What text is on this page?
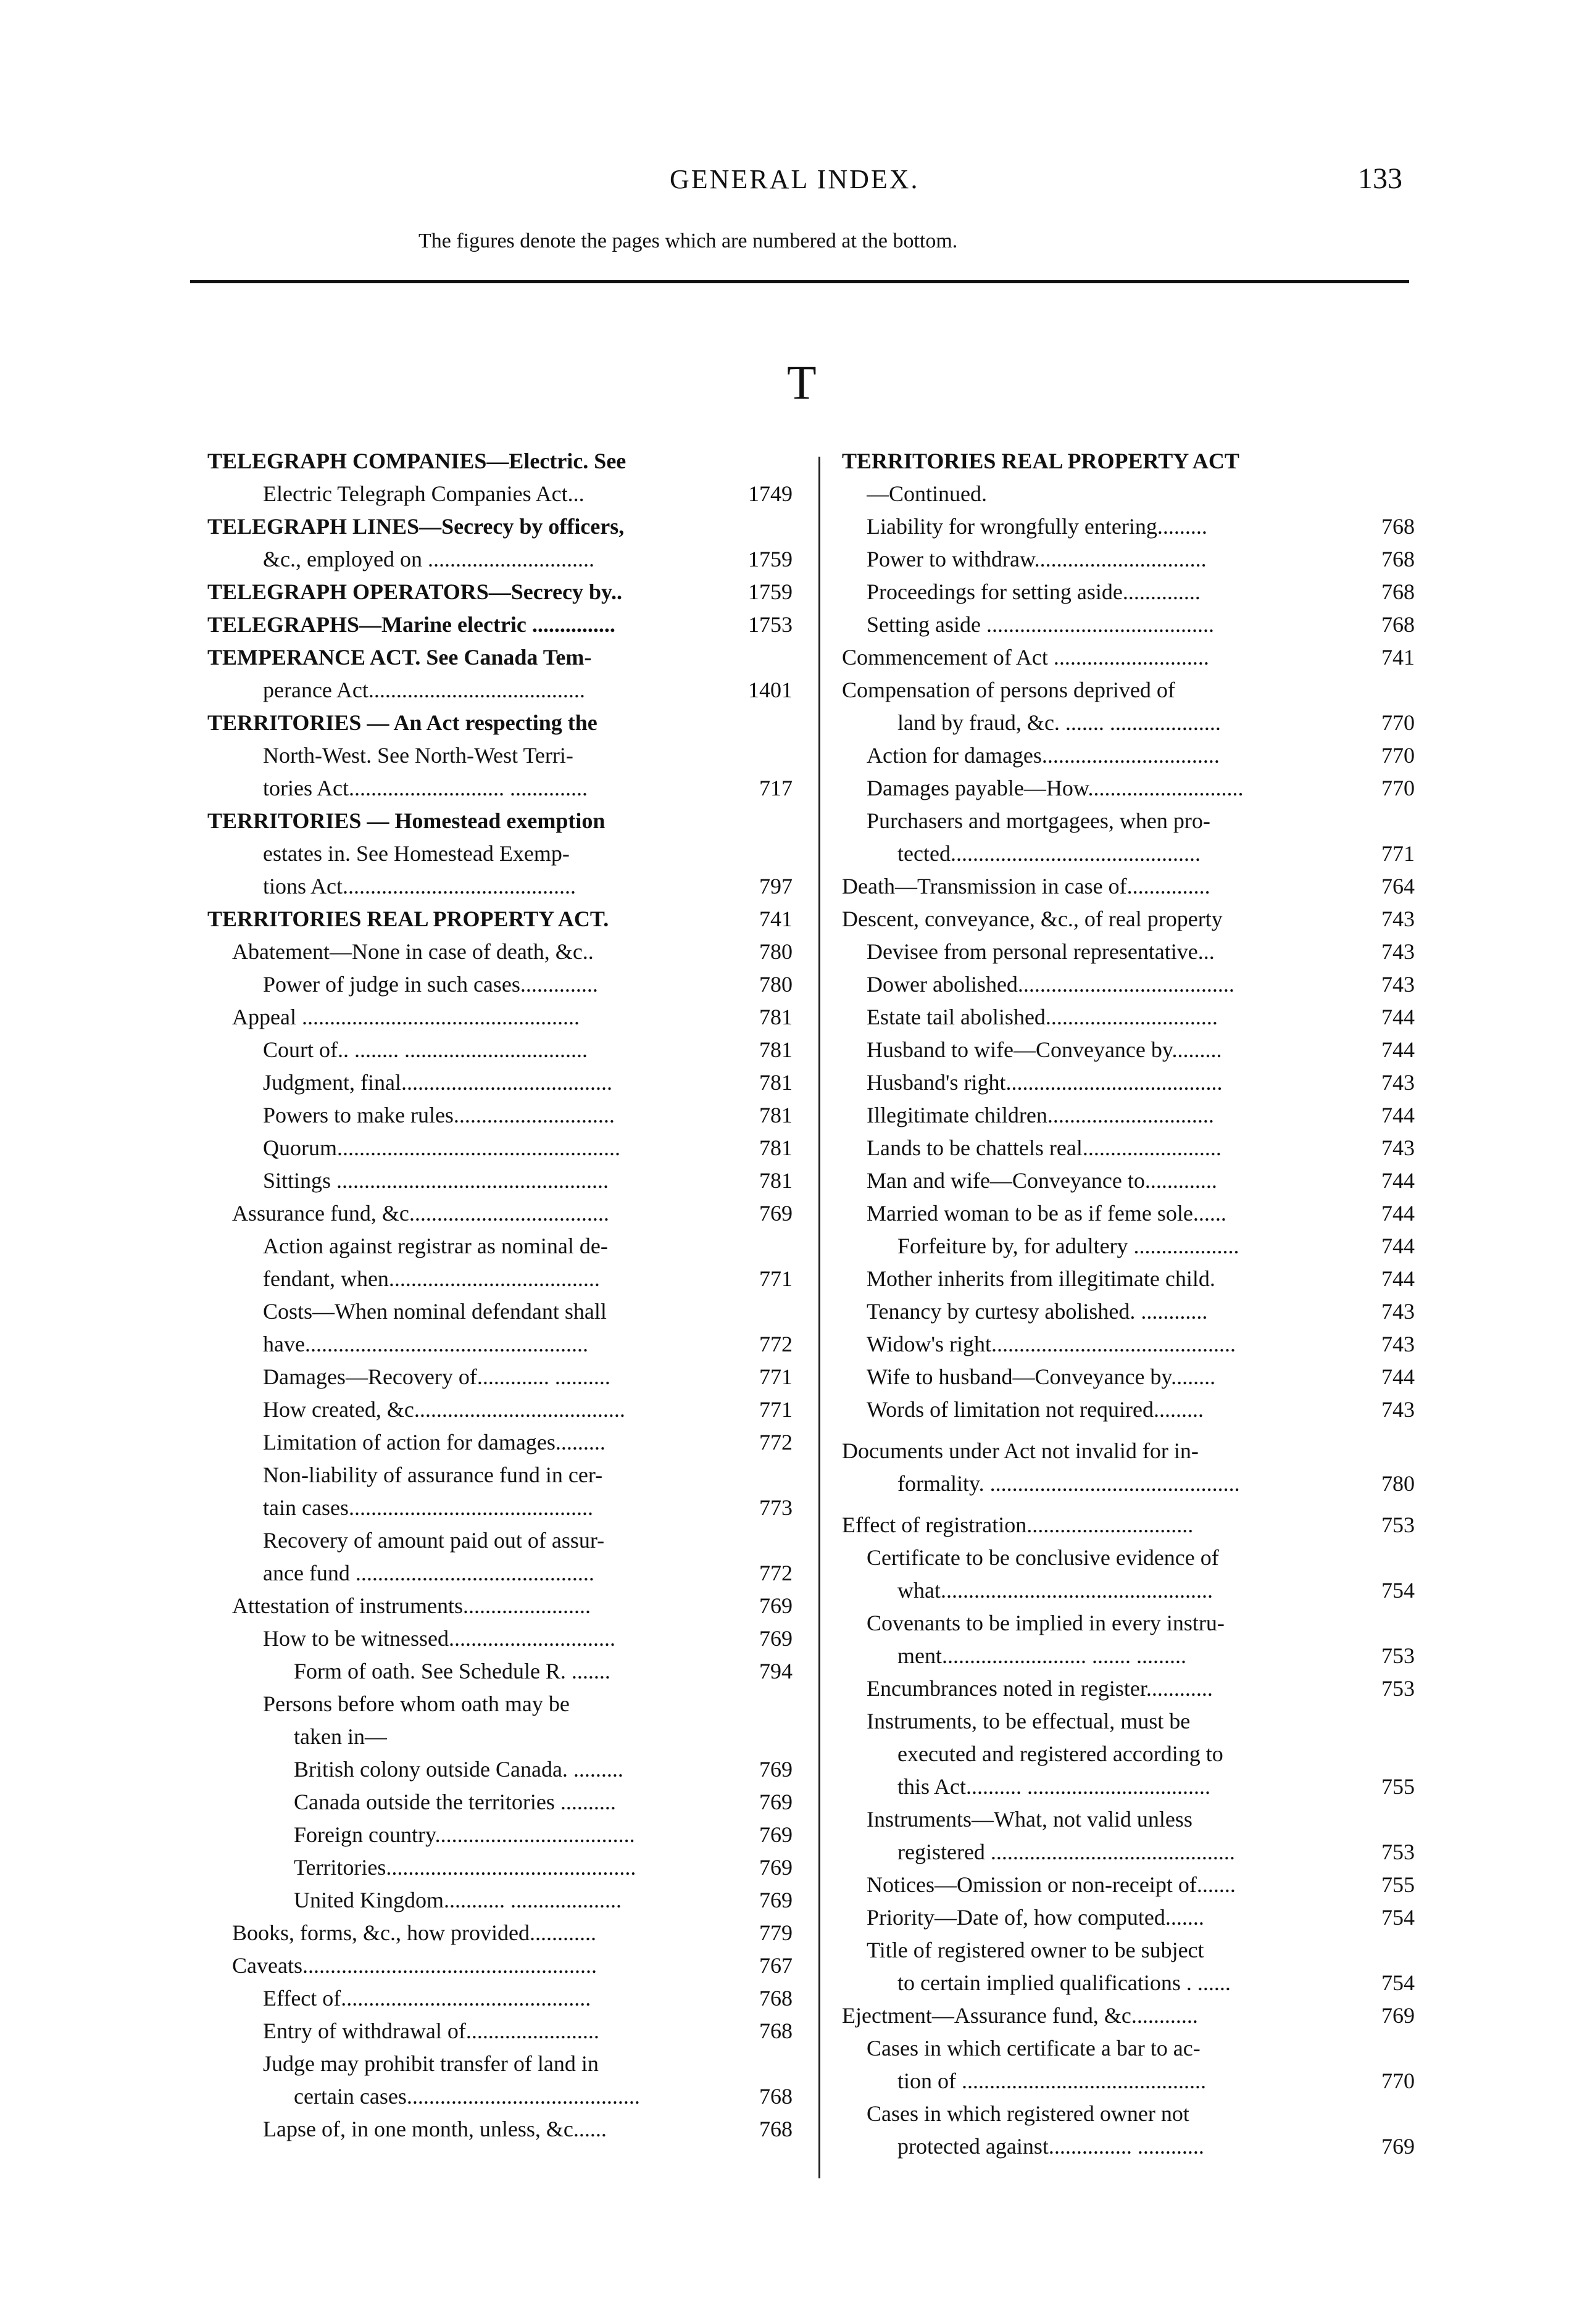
GENERAL INDEX.	133
The figures denote the pages which are numbered at the bottom.
T
TELEGRAPH COMPANIES—Electric. See
Electric Telegraph Companies Act...	1749
TELEGRAPH LINES—Secrecy by officers,
&c., employed on ..............................	1759
TELEGRAPH OPERATORS—Secrecy by..	1759
TELEGRAPHS—Marine electric ...............	1753
TEMPERANCE ACT. See Canada Tem-
perance Act.......................................	1401
TERRITORIES — An Act respecting the
North-West. See North-West Terri-
tories Act............................ ..............	717
TERRITORIES — Homestead exemption
estates in. See Homestead Exemp-
tions Act..........................................	797
TERRITORIES REAL PROPERTY ACT.	741
Abatement—None in case of death, &c..	780
Power of judge in such cases..............	780
Appeal ..................................................	781
Court of.. ........ .................................	781
Judgment, final......................................	781
Powers to make rules.............................	781
Quorum...................................................	781
Sittings .................................................	781
Assurance fund, &c....................................	769
Action against registrar as nominal de-
fendant, when......................................	771
Costs—When nominal defendant shall
have...................................................	772
Damages—Recovery of............. ..........	771
How created, &c......................................	771
Limitation of action for damages.........	772
Non-liability of assurance fund in cer-
tain cases............................................	773
Recovery of amount paid out of assur-
ance fund ...........................................	772
Attestation of instruments.......................	769
How to be witnessed..............................	769
Form of oath. See Schedule R. .......	794
Persons before whom oath may be
taken in—
British colony outside Canada. .........	769
Canada outside the territories ..........	769
Foreign country....................................	769
Territories.............................................	769
United Kingdom........... ....................	769
Books, forms, &c., how provided............	779
Caveats.....................................................	767
Effect of.............................................	768
Entry of withdrawal of........................	768
Judge may prohibit transfer of land in
certain cases..........................................	768
Lapse of, in one month, unless, &c......	768
TERRITORIES REAL PROPERTY ACT
—Continued.
Liability for wrongfully entering.........	768
Power to withdraw...............................	768
Proceedings for setting aside..............	768
Setting aside .........................................	768
Commencement of Act ............................	741
Compensation of persons deprived of
land by fraud, &c. ....... ....................	770
Action for damages................................	770
Damages payable—How............................	770
Purchasers and mortgagees, when pro-
tected.............................................	771
Death—Transmission in case of...............	764
Descent, conveyance, &c., of real property	743
Devisee from personal representative...	743
Dower abolished.......................................	743
Estate tail abolished...............................	744
Husband to wife—Conveyance by.........	744
Husband's right.......................................	743
Illegitimate children..............................	744
Lands to be chattels real.........................	743
Man and wife—Conveyance to.............	744
Married woman to be as if feme sole......	744
Forfeiture by, for adultery ...................	744
Mother inherits from illegitimate child.	744
Tenancy by curtesy abolished. ............	743
Widow's right............................................	743
Wife to husband—Conveyance by........	744
Words of limitation not required.........	743
Documents under Act not invalid for in-
formality. .............................................	780
Effect of registration..............................	753
Certificate to be conclusive evidence of
what.................................................	754
Covenants to be implied in every instru-
ment.......................... ....... .........	753
Encumbrances noted in register............	753
Instruments, to be effectual, must be
executed and registered according to
this Act.......... .................................	755
Instruments—What, not valid unless
registered ............................................	753
Notices—Omission or non-receipt of.......	755
Priority—Date of, how computed.......	754
Title of registered owner to be subject
to certain implied qualifications . ......	754
Ejectment—Assurance fund, &c............	769
Cases in which certificate a bar to ac-
tion of ............................................	770
Cases in which registered owner not
protected against............... ............	769
